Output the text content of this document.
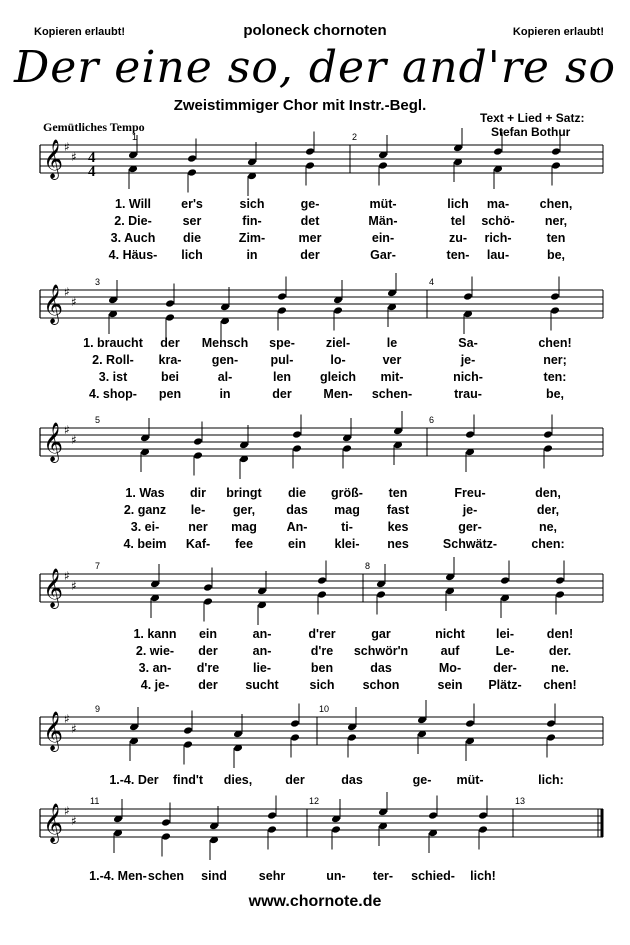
Kopieren erlaubt!	poloneck chornoten	Kopieren erlaubt!
Der eine so, der and're so
Zweistimmiger Chor mit Instr.-Begl.
Gemütliches Tempo
Text + Lied + Satz:
Stefan Bothur
𝄞 ♯
♯
𝄞 ♯
♯
𝄞 ♯
♯
𝄞 ♯
♯
𝄞 ♯
♯
𝄞 ♯
♯
4
4
1	2
3	4
5	6
7	8
9	10
11	12	13
1. Will er's	sich	ge-	müt-	lich ma- chen,
2. Die- ser	fin-	det	Män-	tel schö- ner,
3. Auch die	Zim-	mer	ein-	zu- rich-	ten
4. Häus- lich	in	der	Gar-	ten- lau-	be,
1. braucht der Mensch spe- ziel-	le	Sa-	chen!
2. Roll- kra- gen-	pul-	lo-	ver	je-	ner;
3. ist	bei	al-	len gleich mit-	nich-	ten:
4. shop- pen	in	der	Men- schen-	trau-	be,
1. Was dir bringt die größ- ten	Freu-	den,
2. ganz le- ger, das mag fast	je-	der,
3. ei- ner mag An-	ti-	kes	ger-	ne,
4. beim Kaf- fee	ein klei- nes	Schwätz-	chen:
1. kann ein	an-	d'rer	gar	nicht lei-	den!
2. wie- der	an-	d're schwör'n	auf	Le-	der.
3. an- d're	lie-	ben	das	Mo-	der-	ne.
4. je- der sucht sich schon	sein Plätz- chen!
1.-4. Der find't dies,	der	das	ge- müt-	lich:
1.-4. Men- schen sind	sehr	un- ter- schied- lich!
www.chornote.de
